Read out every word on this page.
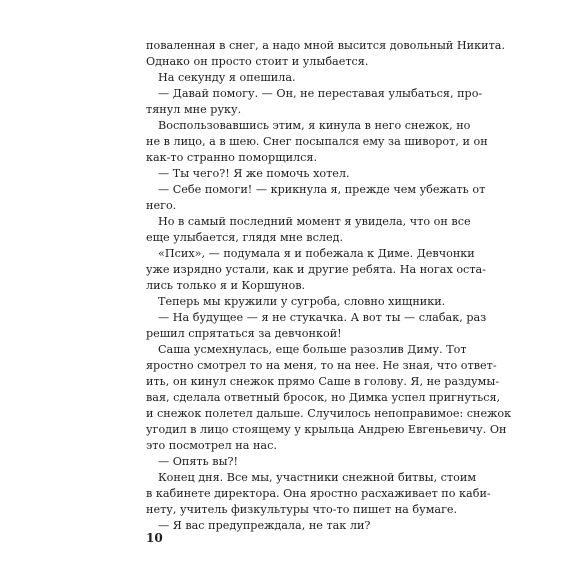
поваленная в снег, а надо мной высится довольный Никита.
Однако он просто стоит и улыбается.
На секунду я опешила.
— Давай помогу. — Он, не переставая улыбаться, про-
тянул мне руку.
Воспользовавшись этим, я кинула в него снежок, но
не в лицо, а в шею. Снег посыпался ему за шиворот, и он
как-то странно поморщился.
— Ты чего?! Я же помочь хотел.
— Себе помоги! — крикнула я, прежде чем убежать от
него.
Но в самый последний момент я увидела, что он все
еще улыбается, глядя мне вслед.
«Псих», — подумала я и побежала к Диме. Девчонки
уже изрядно устали, как и другие ребята. На ногах оста-
лись только я и Коршунов.
Теперь мы кружили у сугроба, словно хищники.
— На будущее — я не стукачка. А вот ты — слабак, раз
решил спрятаться за девчонкой!
Саша усмехнулась, еще больше разозлив Диму. Тот
яростно смотрел то на меня, то на нее. Не зная, что ответ-
ить, он кинул снежок прямо Саше в голову. Я, не раздумы-
вая, сделала ответный бросок, но Димка успел пригнуться,
и снежок полетел дальше. Случилось непоправимое: снежок
угодил в лицо стоящему у крыльца Андрею Евгеньевичу. Он
это посмотрел на нас.
— Опять вы?!
Конец дня. Все мы, участники снежной битвы, стоим
в кабинете директора. Она яростно расхаживает по каби-
нету, учитель физкультуры что-то пишет на бумаге.
— Я вас предупреждала, не так ли?
10
